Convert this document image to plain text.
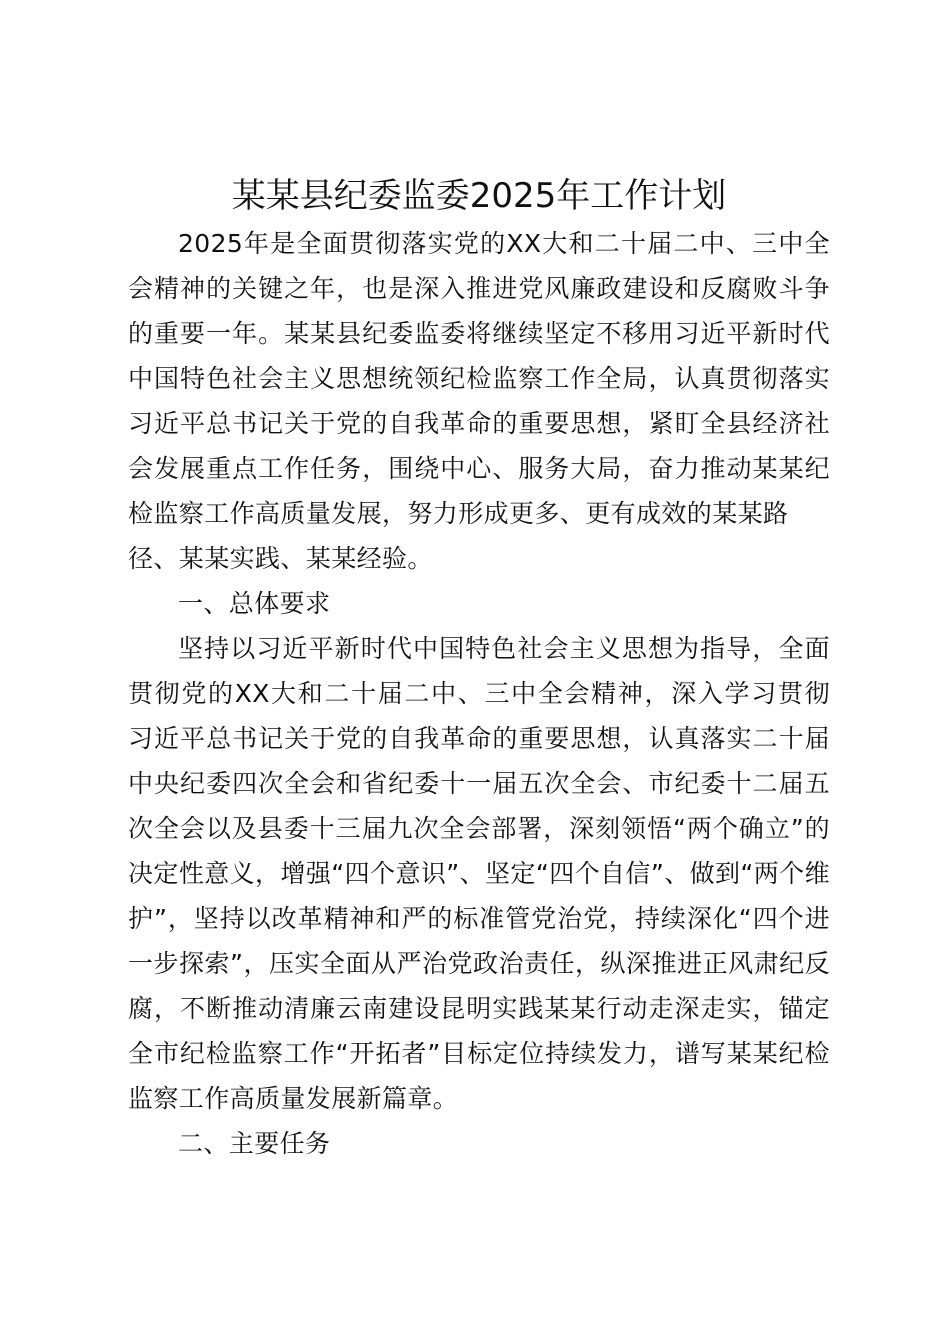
某某县纪委监委2025年工作计划

2025年是全面贯彻落实党的XX大和二十届二中、三中全

会精神的关键之年，也是深入推进党风廉政建设和反腐败斗争

的重要一年。某某县纪委监委将继续坚定不移用习近平新时代

中国特色社会主义思想统领纪检监察工作全局，认真贯彻落实

习近平总书记关于党的自我革命的重要思想，紧盯全县经济社

会发展重点工作任务，围绕中心、服务大局，奋力推动某某纪

检监察工作高质量发展，努力形成更多、更有成效的某某路

径、某某实践、某某经验。

一、总体要求

坚持以习近平新时代中国特色社会主义思想为指导，全面

贯彻党的XX大和二十届二中、三中全会精神，深入学习贯彻

习近平总书记关于党的自我革命的重要思想，认真落实二十届

中央纪委四次全会和省纪委十一届五次全会、市纪委十二届五

次全会以及县委十三届九次全会部署，深刻领悟“两个确立”的

决定性意义，增强“四个意识”、坚定“四个自信”、做到“两个维

护”，坚持以改革精神和严的标准管党治党，持续深化“四个进

一步探索”，压实全面从严治党政治责任，纵深推进正风肃纪反

腐，不断推动清廉云南建设昆明实践某某行动走深走实，锚定

全市纪检监察工作“开拓者”目标定位持续发力，谱写某某纪检

监察工作高质量发展新篇章。

二、主要任务
